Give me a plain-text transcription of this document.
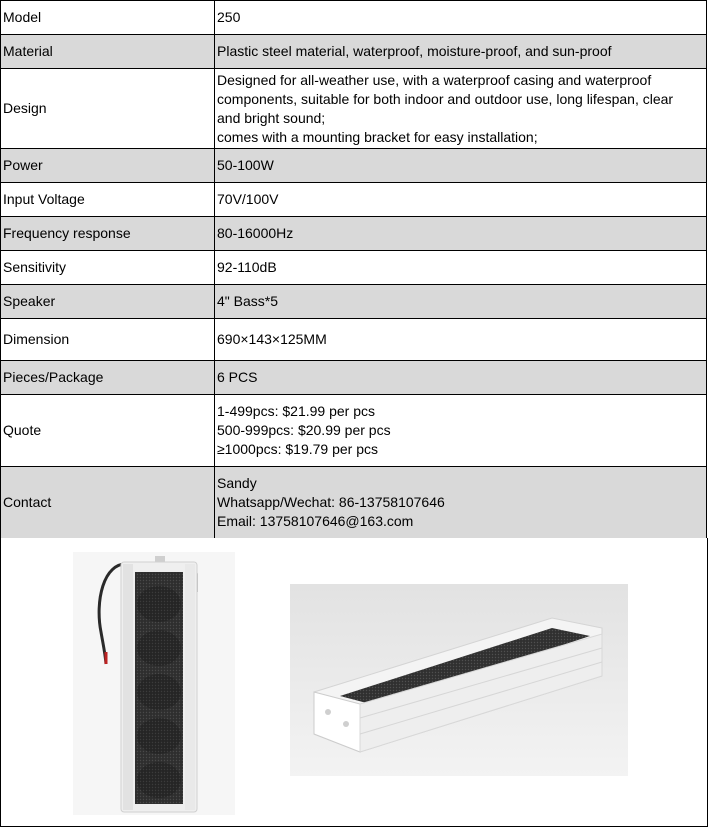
Model	250

Material	Plastic steel material, waterproof, moisture-proof, and sun-proof

Design	Designed for all-weather use, with a waterproof casing and waterproof
components, suitable for both indoor and outdoor use, long lifespan, clear
and bright sound;
comes with a mounting bracket for easy installation;

Power	50-100W

Input Voltage	70V/100V

Frequency response	80-16000Hz

Sensitivity	92-110dB

Speaker	4" Bass*5

Dimension	690×143×125MM

Pieces/Package	6 PCS

Quote	1-499pcs: $21.99 per pcs
500-999pcs: $20.99 per pcs
≥1000pcs: $19.79 per pcs

Contact	Sandy
Whatsapp/Wechat: 86-13758107646
Email: 13758107646@163.com
